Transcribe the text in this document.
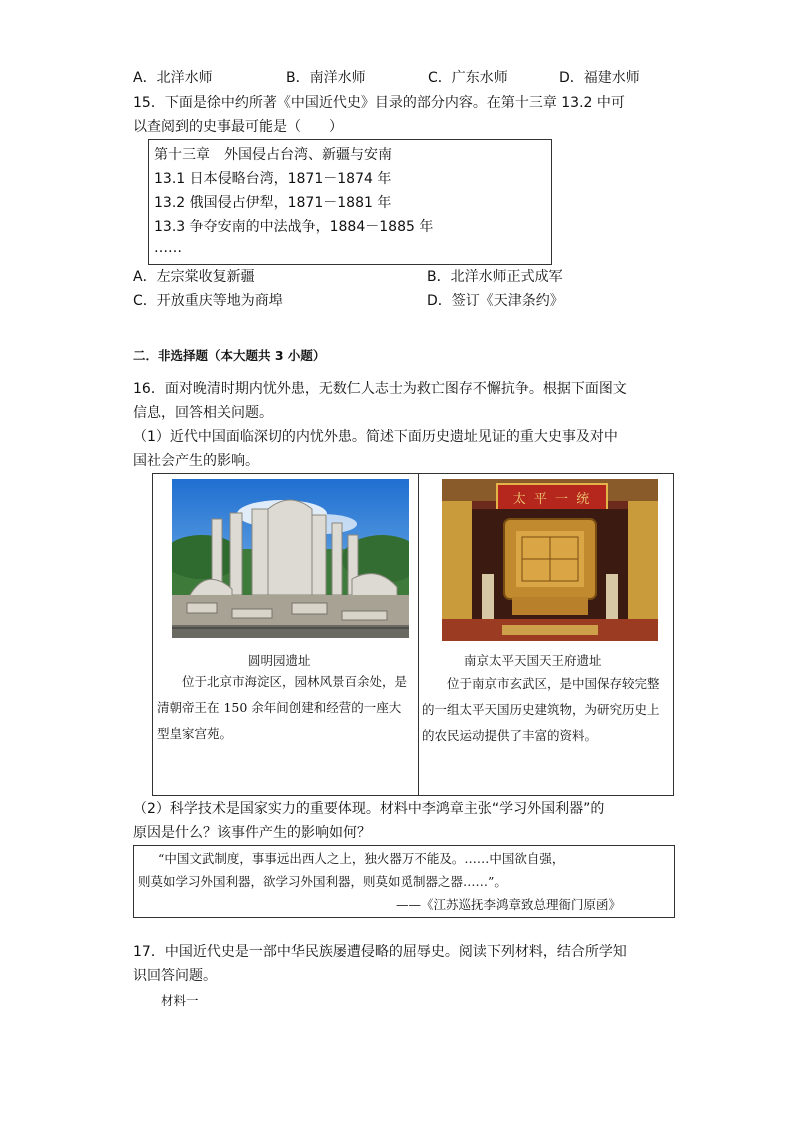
A．北洋水师	B．南洋水师	C．广东水师	D．福建水师
15．下面是徐中约所著《中国近代史》目录的部分内容。在第十三章 13.2 中可
以查阅到的史事最可能是（　　）
第十三章　外国侵占台湾、新疆与安南
13.1 日本侵略台湾，1871－1874 年
13.2 俄国侵占伊犁，1871－1881 年
13.3 争夺安南的中法战争，1884－1885 年
……
A．左宗棠收复新疆	B．北洋水师正式成军
C．开放重庆等地为商埠	D．签订《天津条约》
二．非选择题（本大题共 3 小题）
16．面对晚清时期内忧外患，无数仁人志士为救亡图存不懈抗争。根据下面图文
信息，回答相关问题。
（1）近代中国面临深切的内忧外患。简述下面历史遗址见证的重大史事及对中
国社会产生的影响。
圆明园遗址
　　位于北京市海淀区，园林风景百余处，是清朝帝王在 150 余年间创建和经营的一座大型皇家宫苑。
太 平 一 统
南京太平天国天王府遗址
　　位于南京市玄武区，是中国保存较完整的一组太平天国历史建筑物，为研究历史上的农民运动提供了丰富的资料。
（2）科学技术是国家实力的重要体现。材料中李鸿章主张“学习外国利器”的
原因是什么？该事件产生的影响如何？
“中国文武制度，事事远出西人之上，独火器万不能及。……中国欲自强，
则莫如学习外国利器，欲学习外国利器，则莫如觅制器之器……”。
——《江苏巡抚李鸿章致总理衙门原函》
17．中国近代史是一部中华民族屡遭侵略的屈辱史。阅读下列材料，结合所学知
识回答问题。
材料一
